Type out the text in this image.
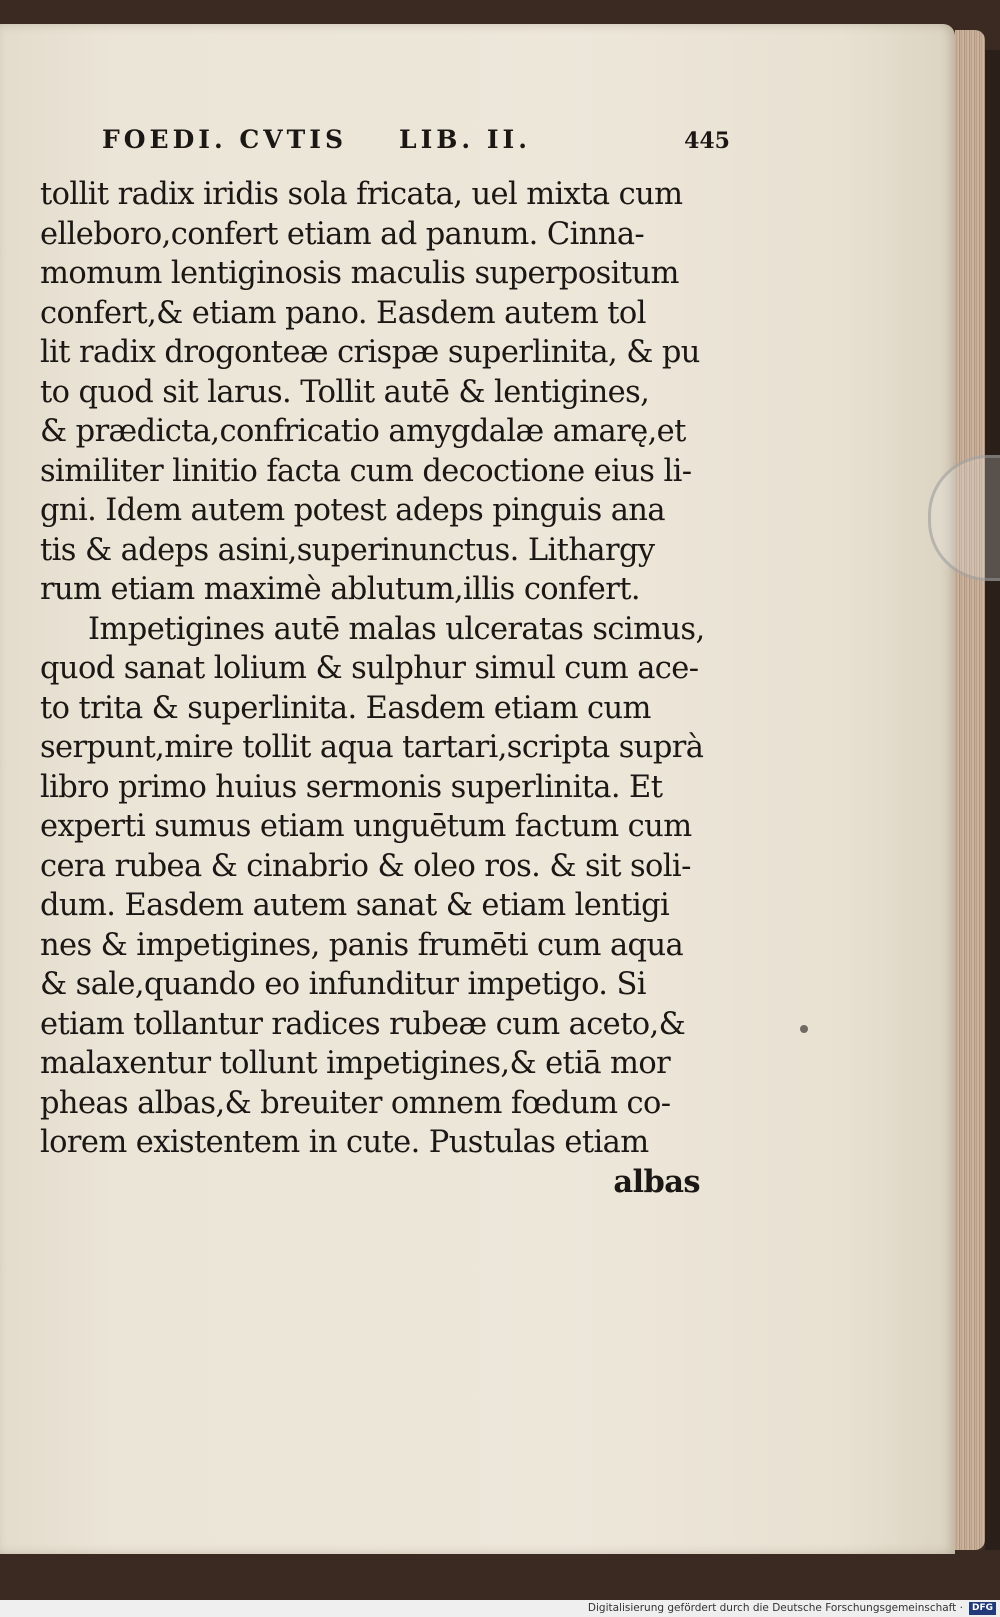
FOEDI. CVTIS LIB. II.	445
tollit radix iridis sola fricata, uel mixta cum
elleboro,confert etiam ad panum. Cinna-
momum lentiginosis maculis superpositum
confert,& etiam pano. Easdem autem tol
lit radix drogonteæ crispæ superlinita, & pu
to quod sit larus. Tollit autē & lentigines,
& prædicta,confricatio amygdalæ amarę,et
similiter linitio facta cum decoctione eius li-
gni. Idem autem potest adeps pinguis ana
tis & adeps asini,superinunctus. Lithargy
rum etiam maximè ablutum,illis confert.
Impetigines autē malas ulceratas scimus,
quod sanat lolium & sulphur simul cum ace-
to trita & superlinita. Easdem etiam cum
serpunt,mire tollit aqua tartari,scripta suprà
libro primo huius sermonis superlinita. Et
experti sumus etiam unguētum factum cum
cera rubea & cinabrio & oleo ros. & sit soli-
dum. Easdem autem sanat & etiam lentigi
nes & impetigines, panis frumēti cum aqua
& sale,quando eo infunditur impetigo. Si
etiam tollantur radices rubeæ cum aceto,&
malaxentur tollunt impetigines,& etiā mor
pheas albas,& breuiter omnem fœdum co-
lorem existentem in cute. Pustulas etiam
albas
Digitalisierung gefördert durch die Deutsche Forschungsgemeinschaft · DFG
